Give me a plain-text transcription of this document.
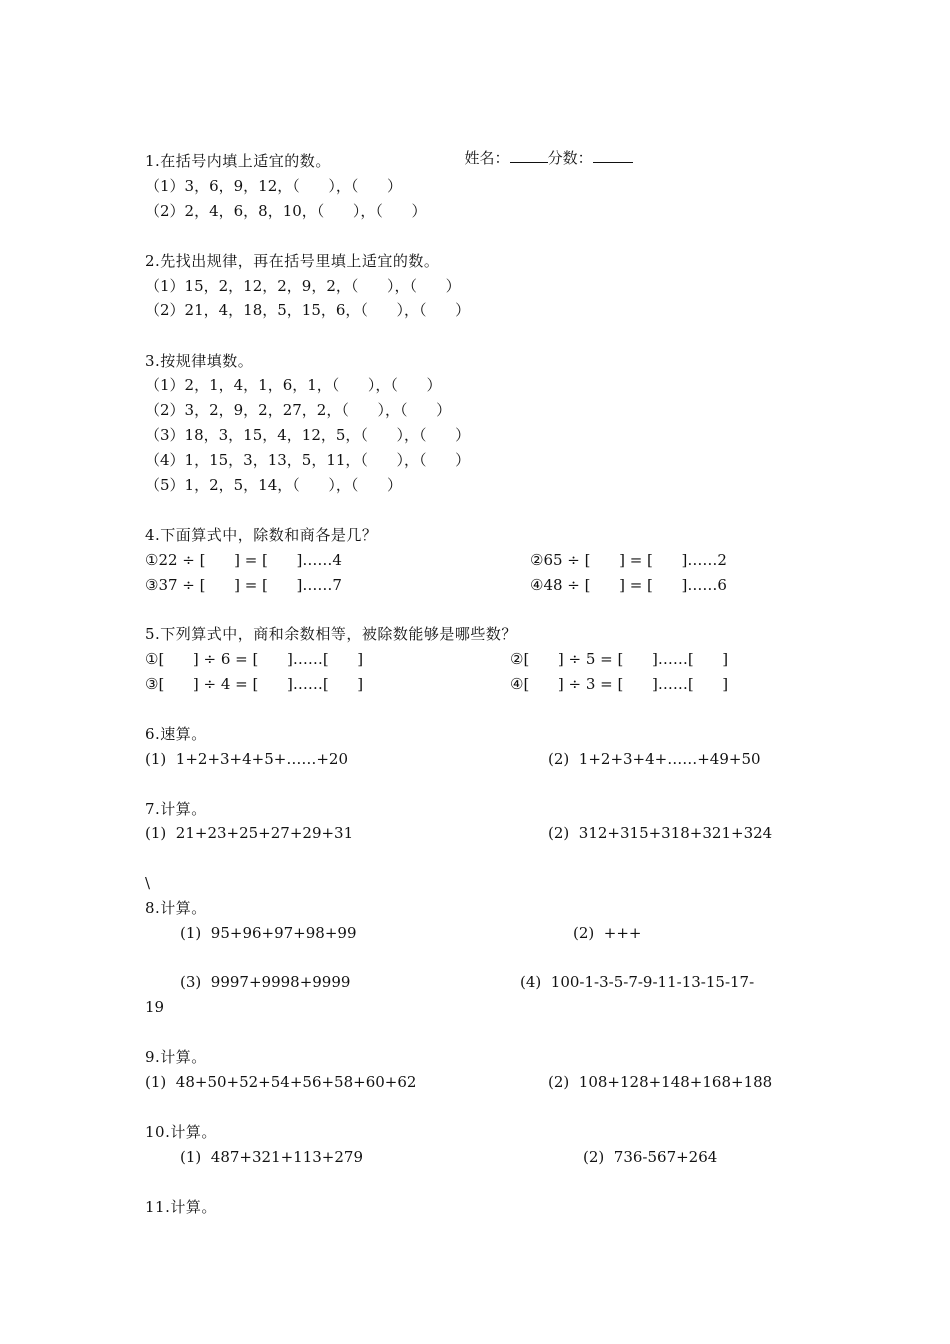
姓名：	分数：

1.在括号内填上适宜的数。
（1）3，6，9，12，（      ），（      ）
（2）2，4，6，8，10，（      ），（      ）
2.先找出规律，再在括号里填上适宜的数。
（1）15，2，12，2，9，2，（      ），（      ）
（2）21，4，18，5，15，6，（      ），（      ）
3.按规律填数。
（1）2，1，4，1，6，1，（      ），（      ）
（2）3，2，9，2，27，2，（      ），（      ）
（3）18，3，15，4，12，5，（      ），（      ）
（4）1，15，3，13，5，11，（      ），（      ）
（5）1，2，5，14，（      ），（      ）
4.下面算式中，除数和商各是几？
①22 ÷ [      ] = [      ]……4	②65 ÷ [      ] = [      ]……2
③37 ÷ [      ] = [      ]……7	④48 ÷ [      ] = [      ]……6
5.下列算式中，商和余数相等，被除数能够是哪些数？
①[      ] ÷ 6 = [      ]……[      ]	②[      ] ÷ 5 = [      ]……[      ]
③[      ] ÷ 4 = [      ]……[      ]	④[      ] ÷ 3 = [      ]……[      ]
6.速算。
(1)  1+2+3+4+5+……+20	(2)  1+2+3+4+……+49+50
7.计算。
(1)  21+23+25+27+29+31	(2)  312+315+318+321+324
\
8.计算。
(1)  95+96+97+98+99	(2)  +++
(3)  9997+9998+9999	(4)  100-1-3-5-7-9-11-13-15-17-
19
9.计算。
(1)  48+50+52+54+56+58+60+62	(2)  108+128+148+168+188
10.计算。
(1)  487+321+113+279	(2)  736-567+264
11.计算。
